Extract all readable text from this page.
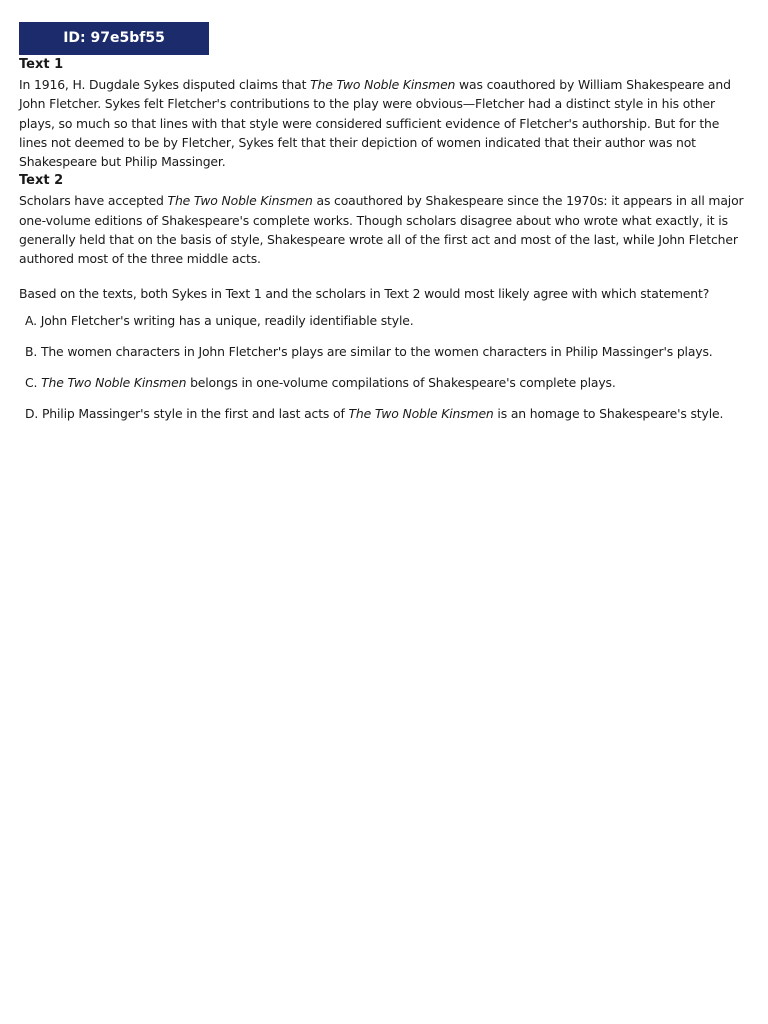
ID: 97e5bf55
Text 1

In 1916, H. Dugdale Sykes disputed claims that The Two Noble Kinsmen was coauthored by William Shakespeare and John Fletcher. Sykes felt Fletcher's contributions to the play were obvious—Fletcher had a distinct style in his other plays, so much so that lines with that style were considered sufficient evidence of Fletcher's authorship. But for the lines not deemed to be by Fletcher, Sykes felt that their depiction of women indicated that their author was not Shakespeare but Philip Massinger.

Text 2

Scholars have accepted The Two Noble Kinsmen as coauthored by Shakespeare since the 1970s: it appears in all major one-volume editions of Shakespeare's complete works. Though scholars disagree about who wrote what exactly, it is generally held that on the basis of style, Shakespeare wrote all of the first act and most of the last, while John Fletcher authored most of the three middle acts.

Based on the texts, both Sykes in Text 1 and the scholars in Text 2 would most likely agree with which statement?

A. John Fletcher's writing has a unique, readily identifiable style.
B. The women characters in John Fletcher's plays are similar to the women characters in Philip Massinger's plays.
C. The Two Noble Kinsmen belongs in one-volume compilations of Shakespeare's complete plays.
D. Philip Massinger's style in the first and last acts of The Two Noble Kinsmen is an homage to Shakespeare's style.
